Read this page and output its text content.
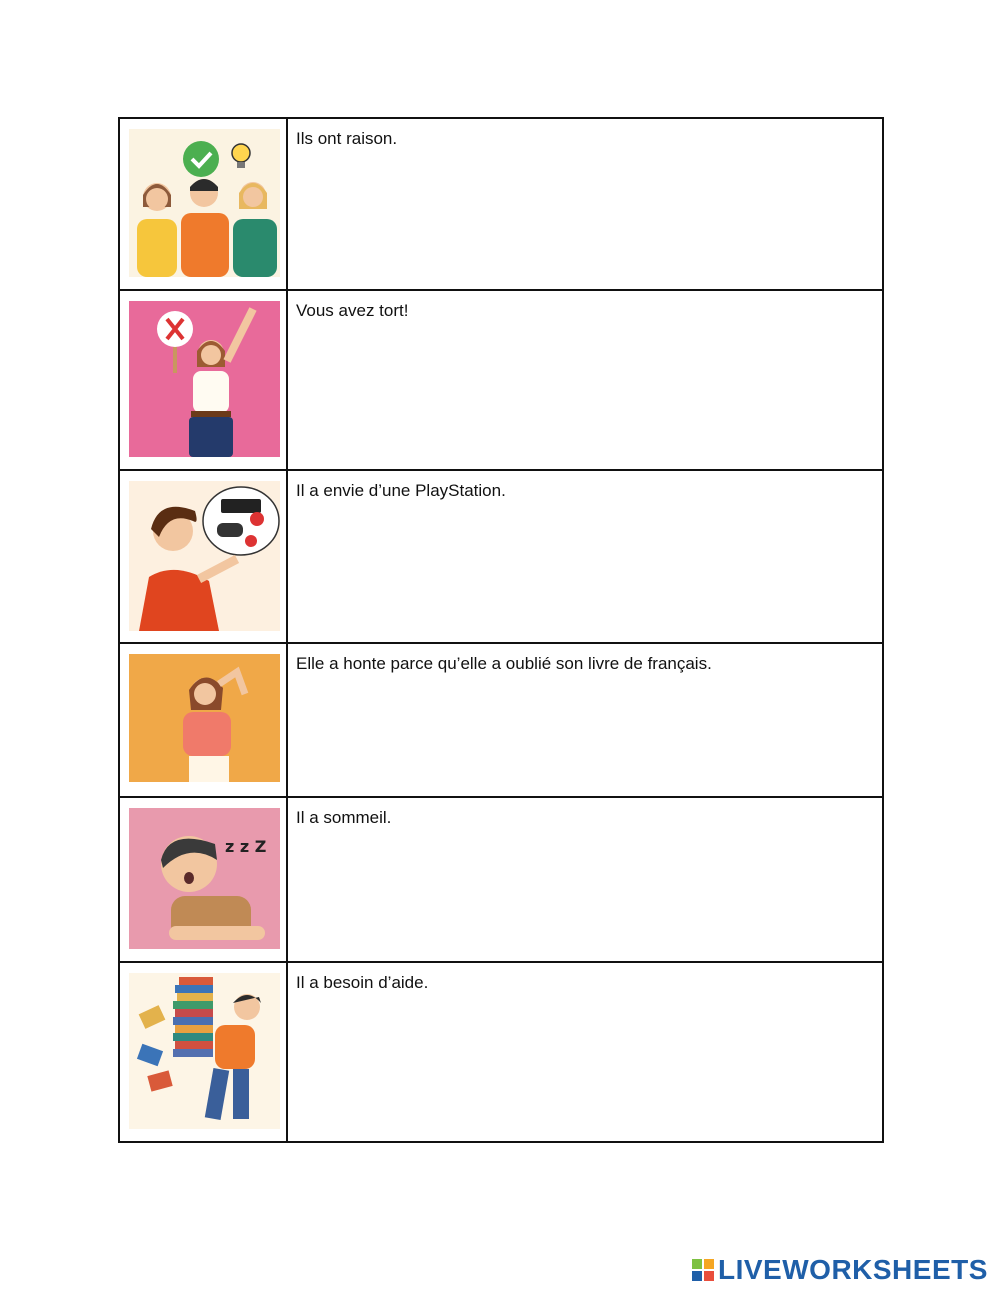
	Ils ont raison.

	Vous avez tort!

	Il a envie d’une PlayStation.

	Elle a honte parce qu’elle a oublié son livre de français.

z z Z	Il a sommeil.

	Il a besoin d’aide.
LIVEWORKSHEETS
